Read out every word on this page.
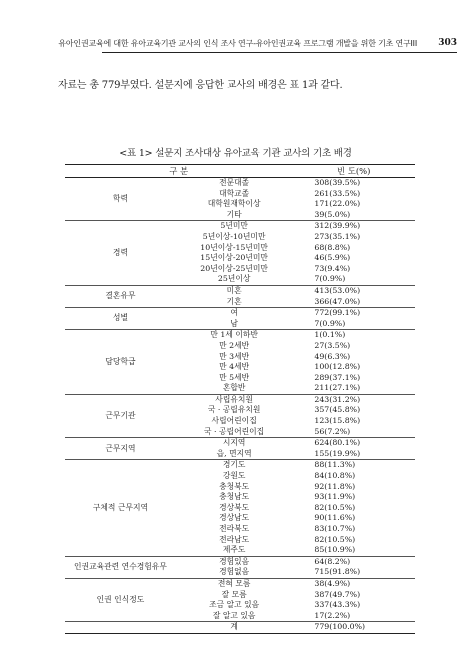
유아인권교육에 대한 유아교육기관 교사의 인식 조사 연구-유아인권교육 프로그램 개발을 위한 기초 연구III 303
자료는 총 779부였다. 설문지에 응답한 교사의 배경은 표 1과 같다.
<표 1> 설문지 조사대상 유아교육 기관 교사의 기초 배경
구 분		빈 도(%)
학력	전문대졸	308(39.5%)
	대학교졸	261(33.5%)
	대학원재학이상	171(22.0%)
	기타	39(5.0%)
경력	5년미만	312(39.9%)
	5년이상-10년미만	273(35.1%)
	10년이상-15년미만	68(8.8%)
	15년이상-20년미만	46(5.9%)
	20년이상-25년미만	73(9.4%)
	25년이상	7(0.9%)
결혼유무	미혼	413(53.0%)
	기혼	366(47.0%)
성별	여	772(99.1%)
	남	7(0.9%)
담당학급	만 1세 이하반	1(0.1%)
	만 2세반	27(3.5%)
	만 3세반	49(6.3%)
	만 4세반	100(12.8%)
	만 5세반	289(37.1%)
	혼합반	211(27.1%)
근무기관	사립유치원	243(31.2%)
	국 · 공립유치원	357(45.8%)
	사립어린이집	123(15.8%)
	국 · 공립어린이집	56(7.2%)
근무지역	시지역	624(80.1%)
	읍, 면지역	155(19.9%)
구체적 근무지역	경기도	88(11.3%)
	강원도	84(10.8%)
	충청북도	92(11.8%)
	충청남도	93(11.9%)
	경상북도	82(10.5%)
	경상남도	90(11.6%)
	전라북도	83(10.7%)
	전라남도	82(10.5%)
	제주도	85(10.9%)
인권교육관련 연수경험유무	경험있음	64(8.2%)
	경험없음	715(91.8%)
인권 인식정도	전혀 모름	38(4.9%)
	잘 모름	387(49.7%)
	조금 알고 있음	337(43.3%)
	잘 알고 있음	17(2.2%)
	계	779(100.0%)
